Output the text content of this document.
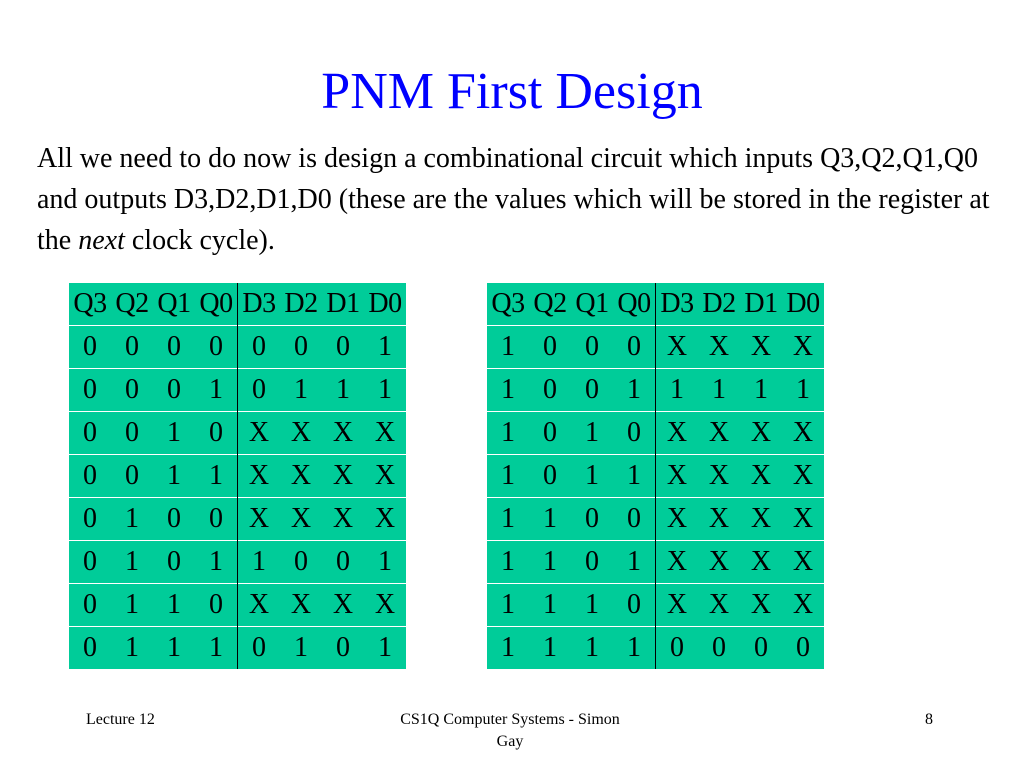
PNM First Design

All we need to do now is design a combinational circuit which inputs Q3,Q2,Q1,Q0 and outputs D3,D2,D1,D0 (these are the values which will be stored in the register at the next clock cycle).

Q3	Q2	Q1	Q0	D3	D2	D1	D0
0	0	0	0	0	0	0	1
0	0	0	1	0	1	1	1
0	0	1	0	X	X	X	X
0	0	1	1	X	X	X	X
0	1	0	0	X	X	X	X
0	1	0	1	1	0	0	1
0	1	1	0	X	X	X	X
0	1	1	1	0	1	0	1
Q3	Q2	Q1	Q0	D3	D2	D1	D0
1	0	0	0	X	X	X	X
1	0	0	1	1	1	1	1
1	0	1	0	X	X	X	X
1	0	1	1	X	X	X	X
1	1	0	0	X	X	X	X
1	1	0	1	X	X	X	X
1	1	1	0	X	X	X	X
1	1	1	1	0	0	0	0
Lecture 12	CS1Q Computer Systems - Simon
Gay
8
